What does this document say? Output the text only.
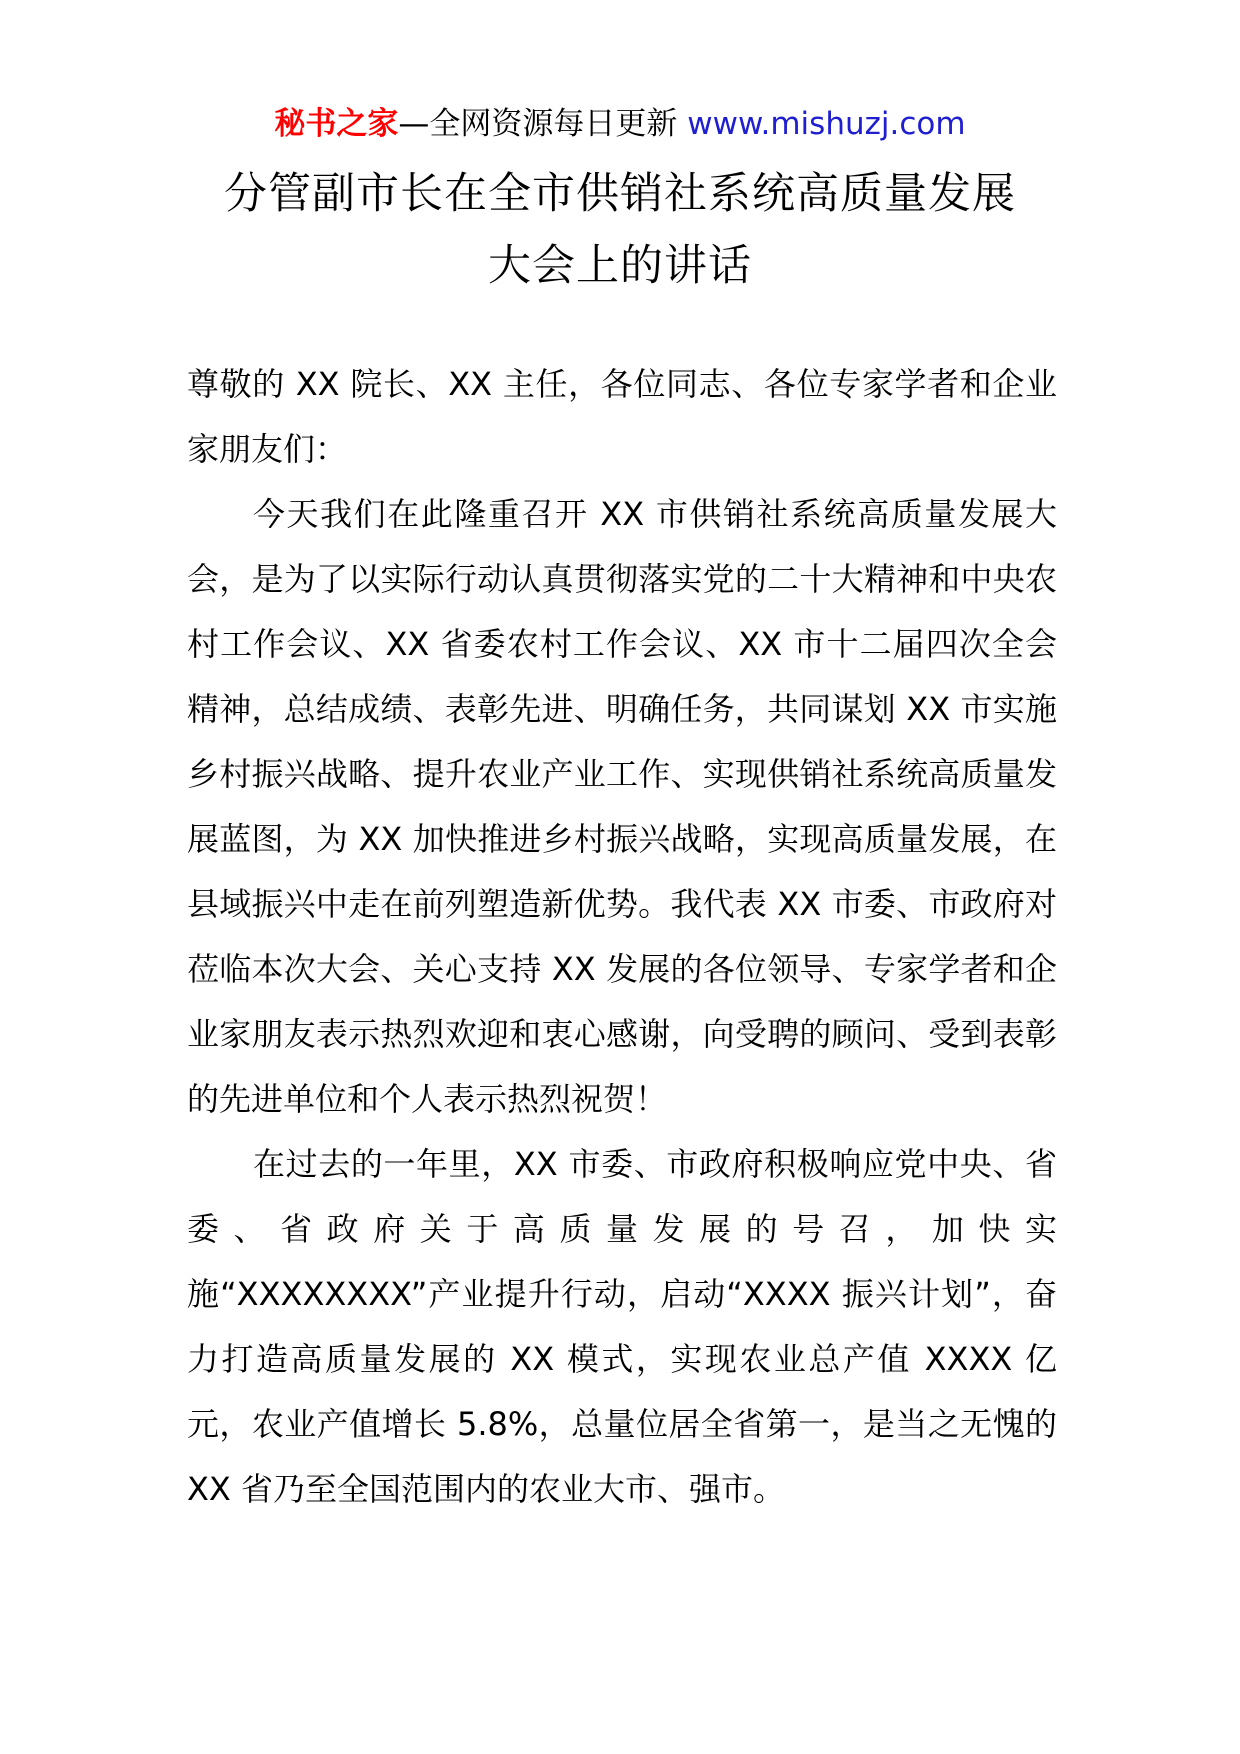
秘书之家—全网资源每日更新 www.mishuzj.com
分管副市长在全市供销社系统高质量发展
大会上的讲话

尊敬的 XX 院长、XX 主任，各位同志、各位专家学者和企业家朋友们：

今天我们在此隆重召开 XX 市供销社系统高质量发展大会，是为了以实际行动认真贯彻落实党的二十大精神和中央农村工作会议、XX 省委农村工作会议、XX 市十二届四次全会精神，总结成绩、表彰先进、明确任务，共同谋划 XX 市实施乡村振兴战略、提升农业产业工作、实现供销社系统高质量发展蓝图，为 XX 加快推进乡村振兴战略，实现高质量发展，在县域振兴中走在前列塑造新优势。我代表 XX 市委、市政府对莅临本次大会、关心支持 XX 发展的各位领导、专家学者和企业家朋友表示热烈欢迎和衷心感谢，向受聘的顾问、受到表彰的先进单位和个人表示热烈祝贺！

在过去的一年里，XX 市委、市政府积极响应党中央、省委、省政府关于高质量发展的号召，加快实施“XXXXXXXX”产业提升行动，启动“XXXX 振兴计划”，奋力打造高质量发展的 XX 模式，实现农业总产值 XXXX 亿元，农业产值增长 5.8%，总量位居全省第一，是当之无愧的 XX 省乃至全国范围内的农业大市、强市。
